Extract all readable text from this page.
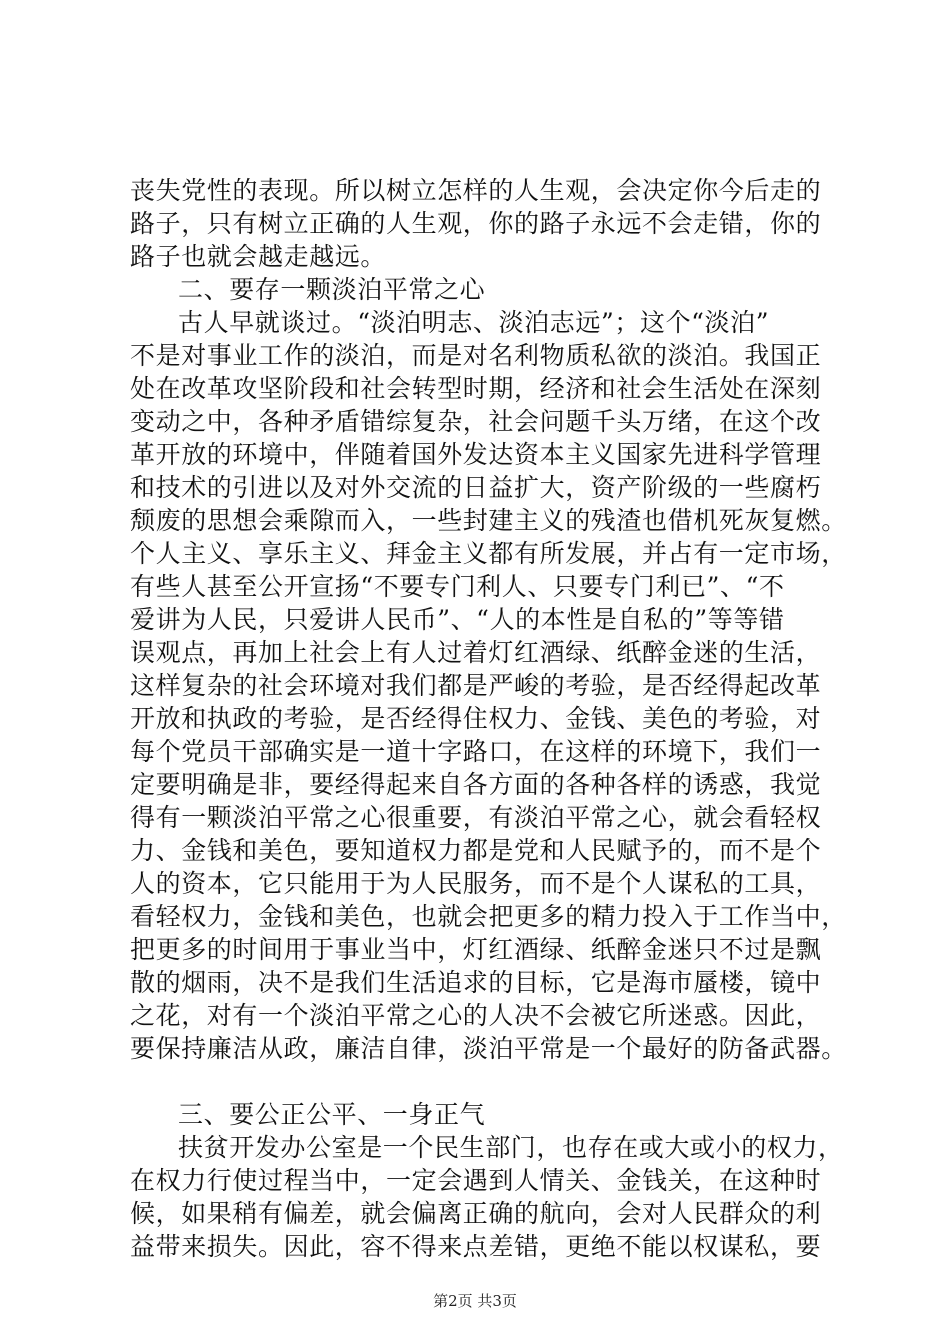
丧失党性的表现。所以树立怎样的人生观，会决定你今后走的
路子，只有树立正确的人生观，你的路子永远不会走错，你的
路子也就会越走越远。
二、要存一颗淡泊平常之心
古人早就谈过。“淡泊明志、淡泊志远”；这个“淡泊”
不是对事业工作的淡泊，而是对名利物质私欲的淡泊。我国正
处在改革攻坚阶段和社会转型时期，经济和社会生活处在深刻
变动之中，各种矛盾错综复杂，社会问题千头万绪，在这个改
革开放的环境中，伴随着国外发达资本主义国家先进科学管理
和技术的引进以及对外交流的日益扩大，资产阶级的一些腐朽
颓废的思想会乘隙而入，一些封建主义的残渣也借机死灰复燃。
个人主义、享乐主义、拜金主义都有所发展，并占有一定市场，
有些人甚至公开宣扬“不要专门利人、只要专门利已”、“不
爱讲为人民，只爱讲人民币”、“人的本性是自私的”等等错
误观点，再加上社会上有人过着灯红酒绿、纸醉金迷的生活，
这样复杂的社会环境对我们都是严峻的考验，是否经得起改革
开放和执政的考验，是否经得住权力、金钱、美色的考验，对
每个党员干部确实是一道十字路口，在这样的环境下，我们一
定要明确是非，要经得起来自各方面的各种各样的诱惑，我觉
得有一颗淡泊平常之心很重要，有淡泊平常之心，就会看轻权
力、金钱和美色，要知道权力都是党和人民赋予的，而不是个
人的资本，它只能用于为人民服务，而不是个人谋私的工具，
看轻权力，金钱和美色，也就会把更多的精力投入于工作当中，
把更多的时间用于事业当中，灯红酒绿、纸醉金迷只不过是飘
散的烟雨，决不是我们生活追求的目标，它是海市蜃楼，镜中
之花，对有一个淡泊平常之心的人决不会被它所迷惑。因此，
要保持廉洁从政，廉洁自律，淡泊平常是一个最好的防备武器。
三、要公正公平、一身正气
扶贫开发办公室是一个民生部门，也存在或大或小的权力，
在权力行使过程当中，一定会遇到人情关、金钱关，在这种时
候，如果稍有偏差，就会偏离正确的航向，会对人民群众的利
益带来损失。因此，容不得来点差错，更绝不能以权谋私，要
第2页 共3页
